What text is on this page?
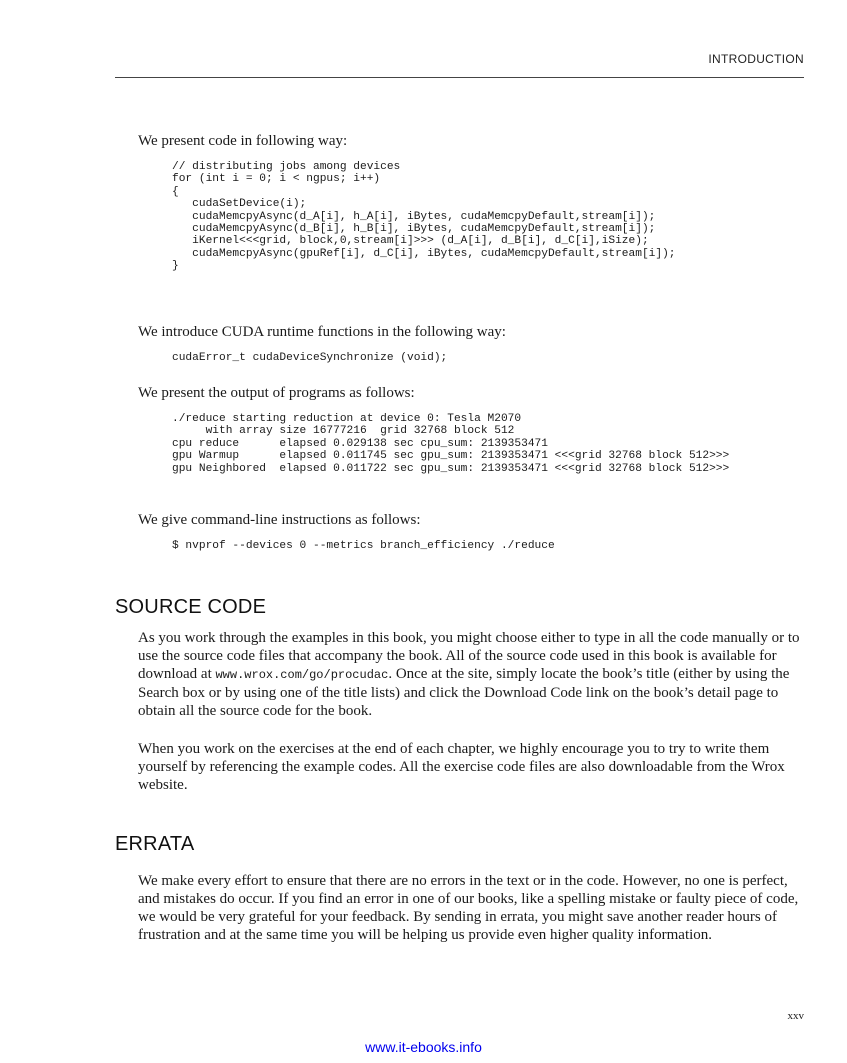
INTRODUCTION

We present code in following way:

// distributing jobs among devices
for (int i = 0; i < ngpus; i++)
{
cudaSetDevice(i);
cudaMemcpyAsync(d_A[i], h_A[i], iBytes, cudaMemcpyDefault,stream[i]);
cudaMemcpyAsync(d_B[i], h_B[i], iBytes, cudaMemcpyDefault,stream[i]);
iKernel<<<grid, block,0,stream[i]>>> (d_A[i], d_B[i], d_C[i],iSize);
cudaMemcpyAsync(gpuRef[i], d_C[i], iBytes, cudaMemcpyDefault,stream[i]);
}

We introduce CUDA runtime functions in the following way:

cudaError_t cudaDeviceSynchronize (void);

We present the output of programs as follows:

./reduce starting reduction at device 0: Tesla M2070
with array size 16777216  grid 32768 block 512
cpu reduce      elapsed 0.029138 sec cpu_sum: 2139353471
gpu Warmup      elapsed 0.011745 sec gpu_sum: 2139353471 <<<grid 32768 block 512>>>
gpu Neighbored  elapsed 0.011722 sec gpu_sum: 2139353471 <<<grid 32768 block 512>>>

We give command-line instructions as follows:

$ nvprof --devices 0 --metrics branch_efficiency ./reduce
SOURCE CODE

As you work through the examples in this book, you might choose either to type in all the code manually or to use the source code files that accompany the book. All of the source code used in this book is available for download at www.wrox.com/go/procudac. Once at the site, simply locate the book’s title (either by using the Search box or by using one of the title lists) and click the Download Code link on the book’s detail page to obtain all the source code for the book.

When you work on the exercises at the end of each chapter, we highly encourage you to try to write them yourself by referencing the example codes. All the exercise code files are also downloadable from the Wrox website.

ERRATA

We make every effort to ensure that there are no errors in the text or in the code. However, no one is perfect, and mistakes do occur. If you find an error in one of our books, like a spelling mistake or faulty piece of code, we would be very grateful for your feedback. By sending in errata, you might save another reader hours of frustration and at the same time you will be helping us provide even higher quality information.

xxv
www.it-ebooks.info
